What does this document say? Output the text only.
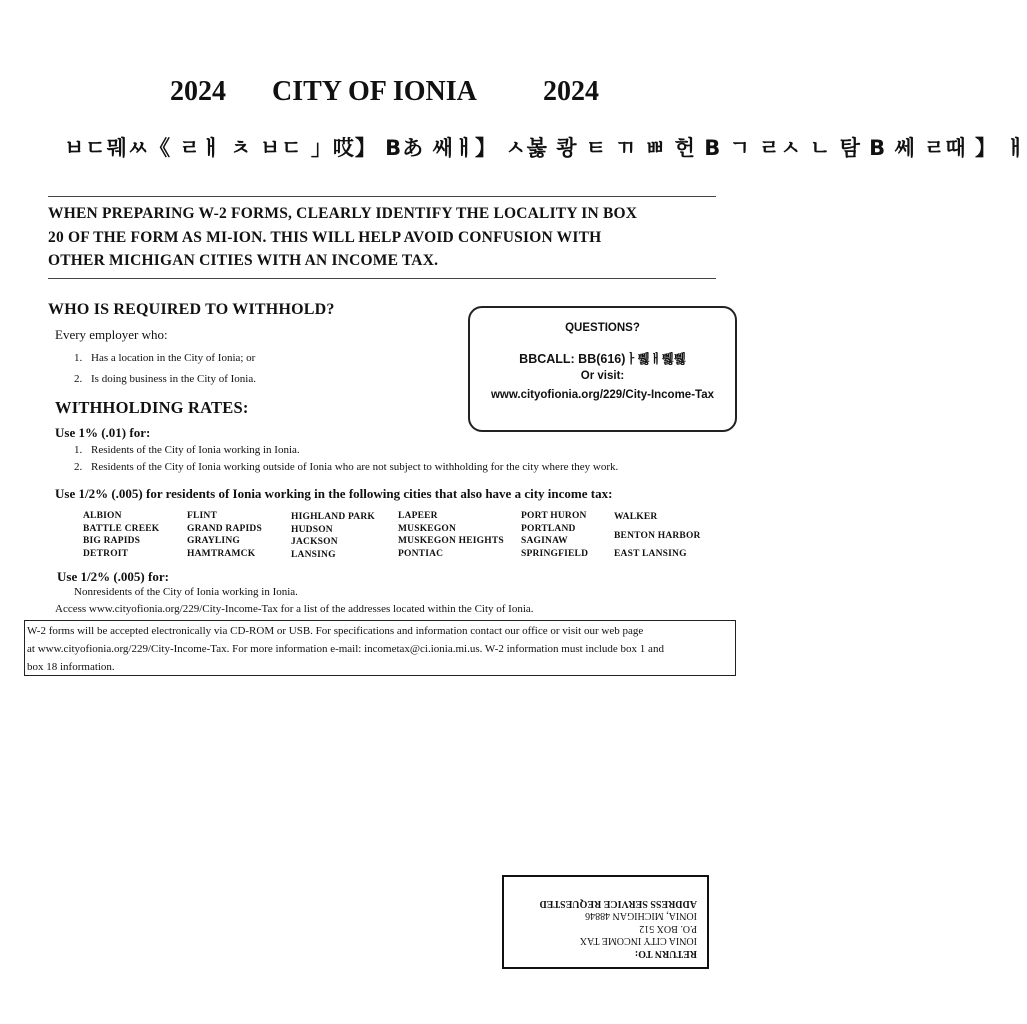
2024 CITY OF IONIA 2024
ㅂㄷ뭬ㅆ《 ㄹㅐ ㅊ ㅂㄷ 」哎】 Bあ 쌔ㅐ】 ㅅ봃 쾅 ㅌ ㄲ ㅃ 헌 B ㄱ ㄹㅅ ㄴ 탐 B 쎄 ㄹ때 】 ㅐ
WHEN PREPARING W-2 FORMS, CLEARLY IDENTIFY THE LOCALITY IN BOX
20 OF THE FORM AS MI-ION. THIS WILL HELP AVOID CONFUSION WITH
OTHER MICHIGAN CITIES WITH AN INCOME TAX.
WHO IS REQUIRED TO WITHHOLD?
Every employer who:
1. Has a location in the City of Ionia; or
2. Is doing business in the City of Ionia.
QUESTIONS?
BBCALL: BB(616)ㅏ쀓ㅐ쀓쀓
Or visit:
www.cityofionia.org/229/City-Income-Tax
WITHHOLDING RATES:
Use 1% (.01) for:
1. Residents of the City of Ionia working in Ionia.
2. Residents of the City of Ionia working outside of Ionia who are not subject to withholding for the city where they work.
Use 1/2% (.005) for residents of Ionia working in the following cities that also have a city income tax:
ALBION
BATTLE CREEK
BIG RAPIDS
DETROIT
FLINT
GRAND RAPIDS
GRAYLING
HAMTRAMCK
HIGHLAND PARK
HUDSON
JACKSON
LANSING
LAPEER
MUSKEGON
MUSKEGON HEIGHTS
PONTIAC
PORT HURON
PORTLAND
SAGINAW
SPRINGFIELD
WALKER
BENTON HARBOR
EAST LANSING
Use 1/2% (.005) for:
Nonresidents of the City of Ionia working in Ionia.
Access www.cityofionia.org/229/City-Income-Tax for a list of the addresses located within the City of Ionia.
W-2 forms will be accepted electronically via CD-ROM or USB. For specifications and information contact our office or visit our web page
at www.cityofionia.org/229/City-Income-Tax. For more information e-mail: incometax@ci.ionia.mi.us. W-2 information must include box 1 and
box 18 information.
RETURN TO:
IONIA CITY INCOME TAX
P.O. BOX 512
IONIA, MICHIGAN 48846
ADDRESS SERVICE REQUESTED
